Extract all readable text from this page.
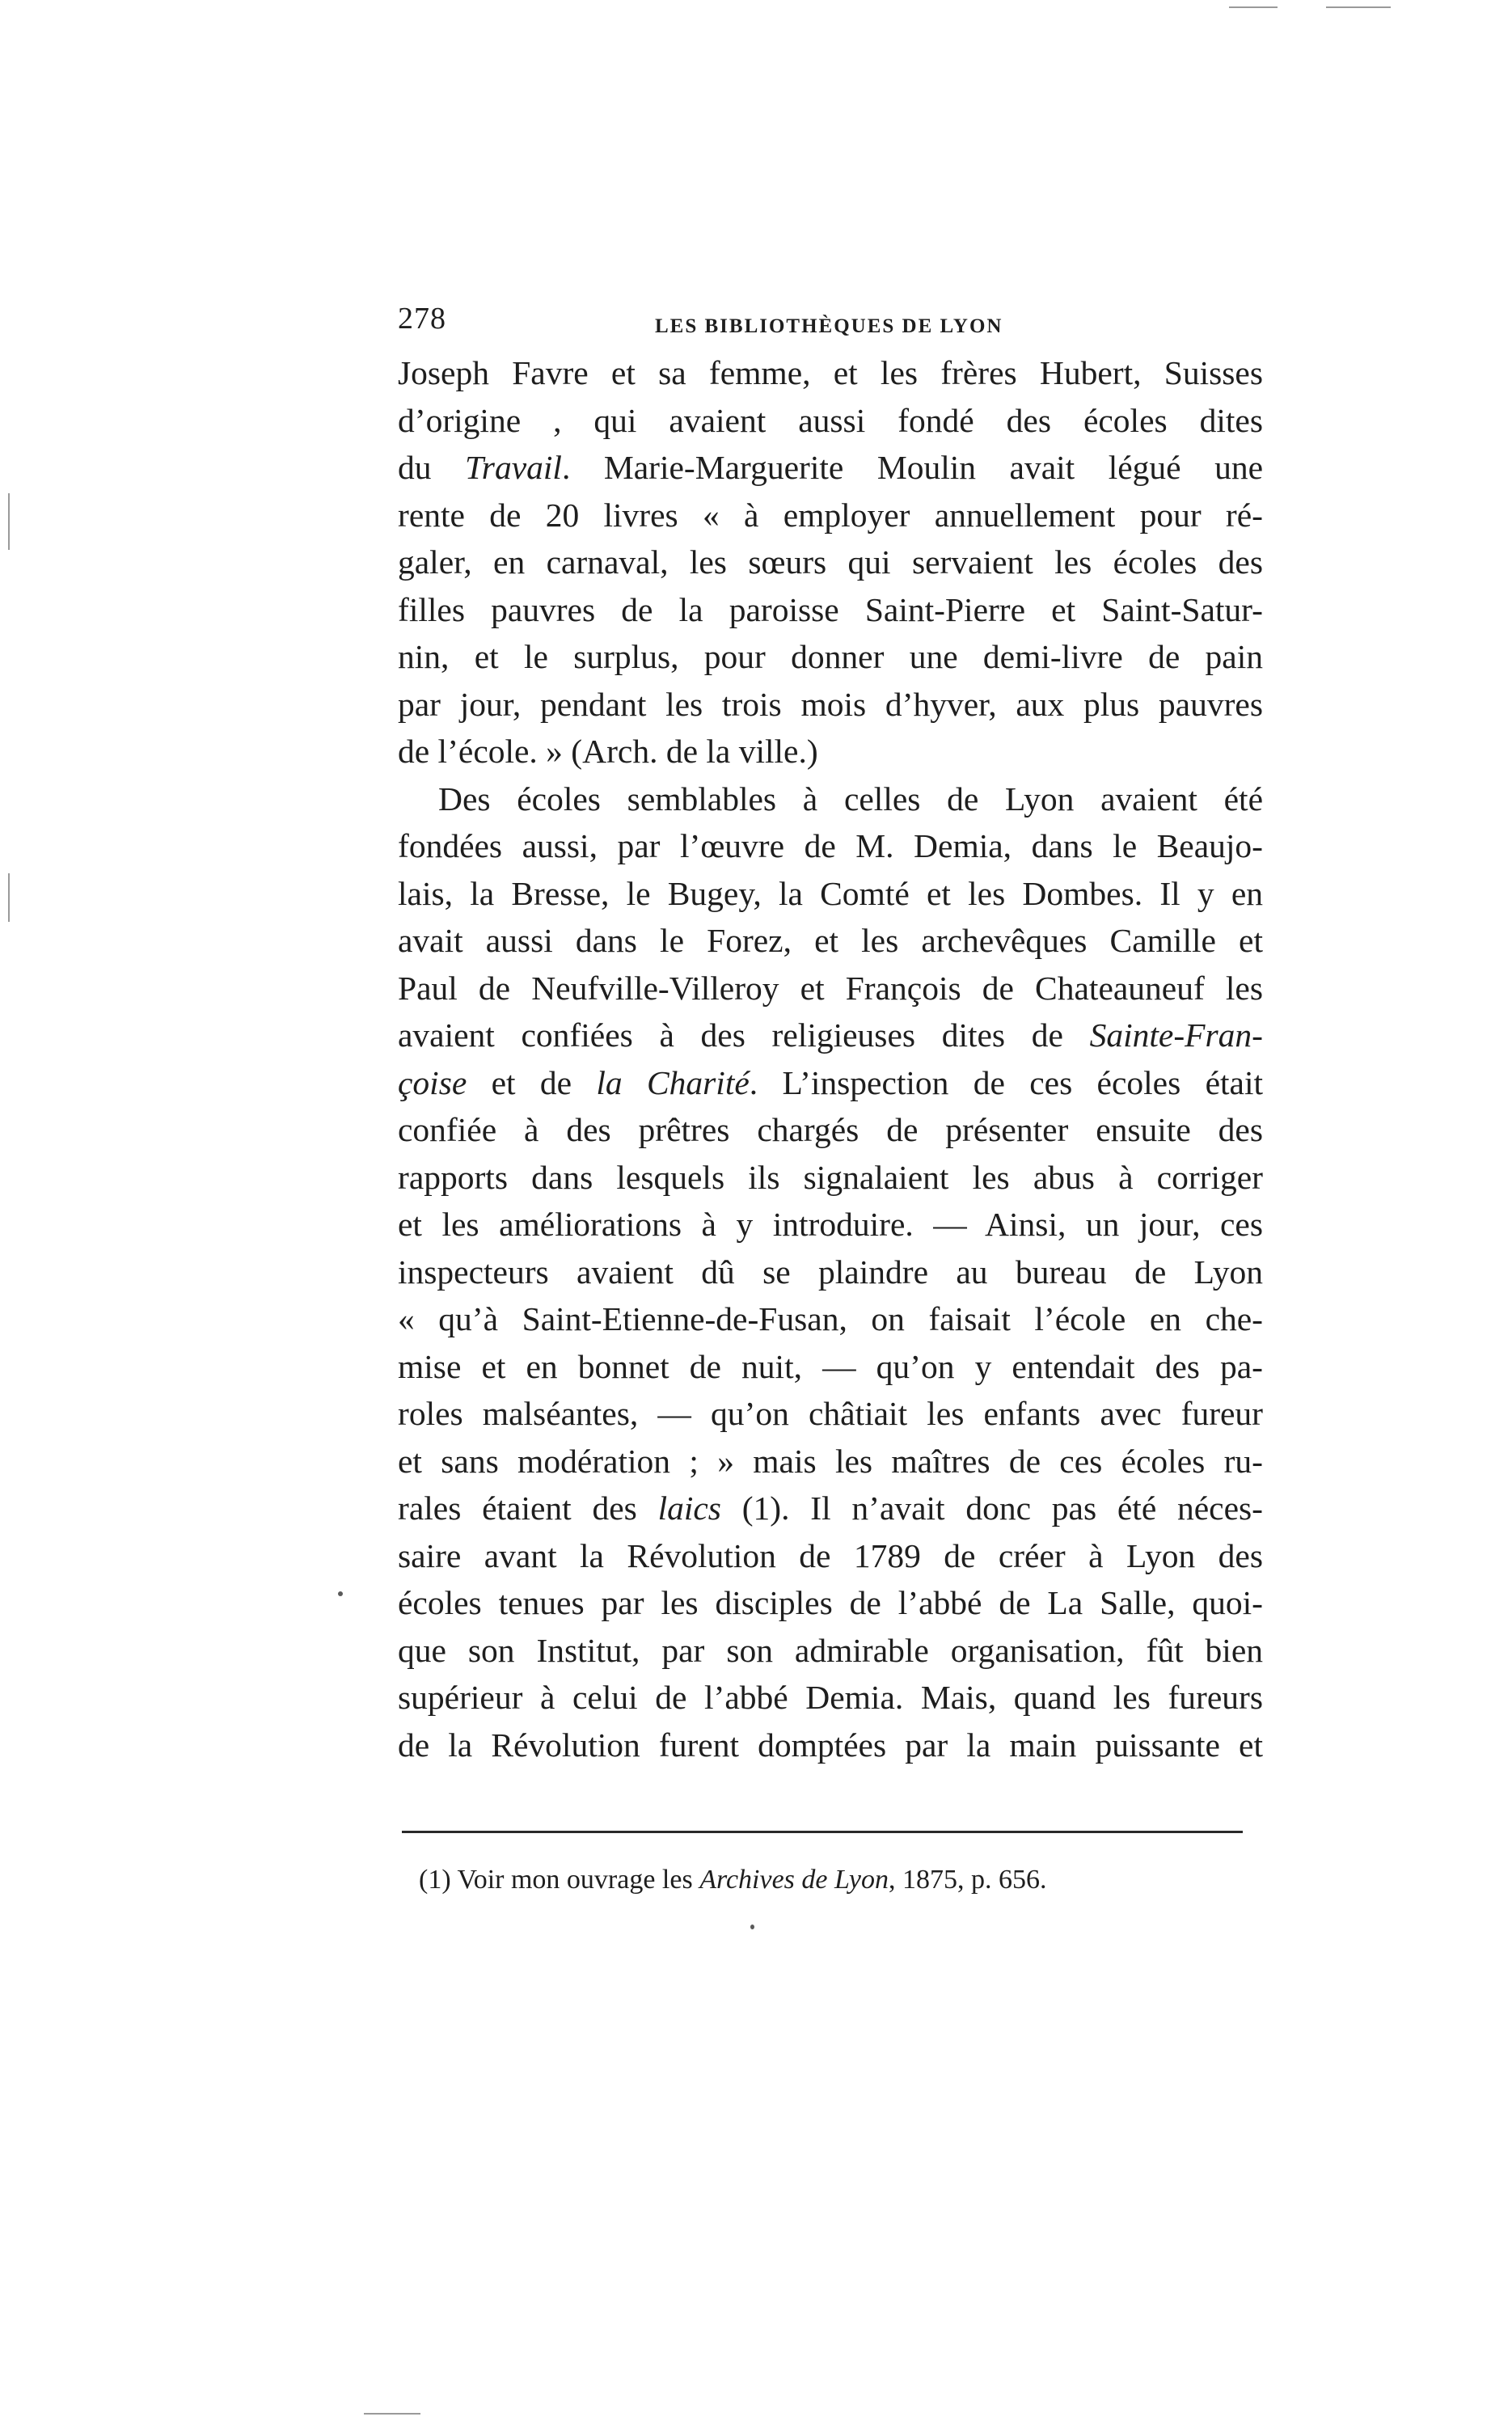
278	LES BIBLIOTHÈQUES DE LYON
Joseph Favre et sa femme, et les frères Hubert, Suisses
d’origine , qui avaient aussi fondé des écoles dites
du Travail. Marie-Marguerite Moulin avait légué une
rente de 20 livres « à employer annuellement pour ré-
galer, en carnaval, les sœurs qui servaient les écoles des
filles pauvres de la paroisse Saint-Pierre et Saint-Satur-
nin, et le surplus, pour donner une demi-livre de pain
par jour, pendant les trois mois d’hyver, aux plus pauvres
de l’école. » (Arch. de la ville.)
Des écoles semblables à celles de Lyon avaient été
fondées aussi, par l’œuvre de M. Demia, dans le Beaujo-
lais, la Bresse, le Bugey, la Comté et les Dombes. Il y en
avait aussi dans le Forez, et les archevêques Camille et
Paul de Neufville-Villeroy et François de Chateauneuf les
avaient confiées à des religieuses dites de Sainte-Fran-
çoise et de la Charité. L’inspection de ces écoles était
confiée à des prêtres chargés de présenter ensuite des
rapports dans lesquels ils signalaient les abus à corriger
et les améliorations à y introduire. — Ainsi, un jour, ces
inspecteurs avaient dû se plaindre au bureau de Lyon
« qu’à Saint-Etienne-de-Fusan, on faisait l’école en che-
mise et en bonnet de nuit, — qu’on y entendait des pa-
roles malséantes, — qu’on châtiait les enfants avec fureur
et sans modération ; » mais les maîtres de ces écoles ru-
rales étaient des laics (1). Il n’avait donc pas été néces-
saire avant la Révolution de 1789 de créer à Lyon des
écoles tenues par les disciples de l’abbé de La Salle, quoi-
que son Institut, par son admirable organisation, fût bien
supérieur à celui de l’abbé Demia. Mais, quand les fureurs
de la Révolution furent domptées par la main puissante et
(1) Voir mon ouvrage les Archives de Lyon, 1875, p. 656.
